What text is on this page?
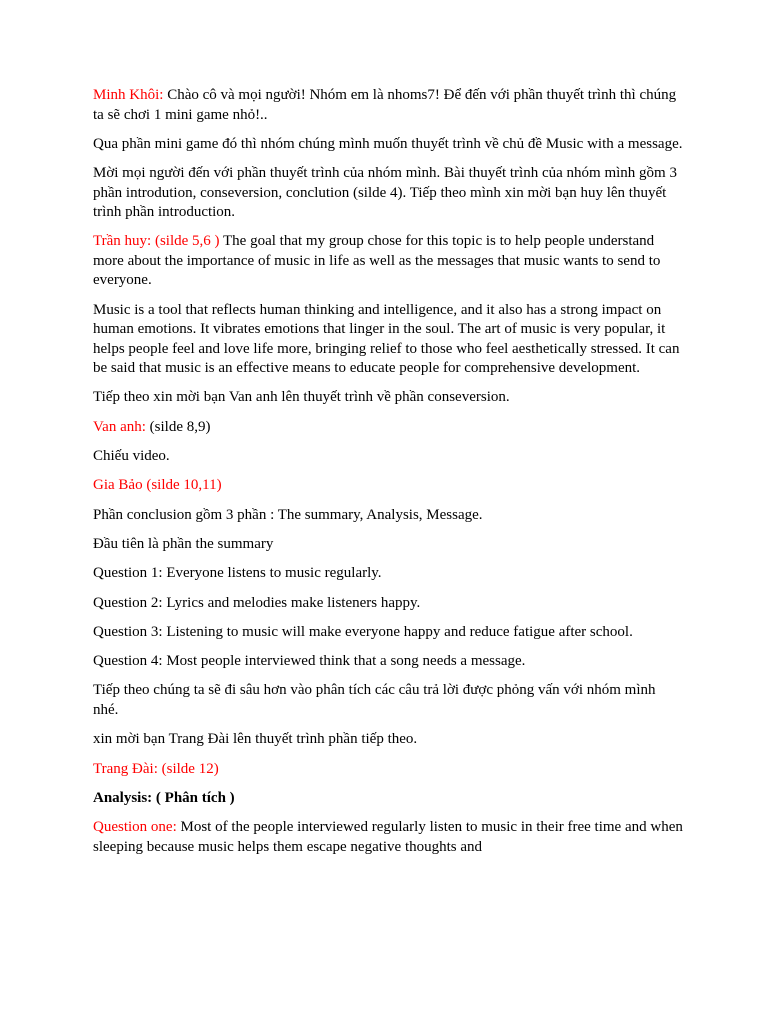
Minh Khôi: Chào cô và mọi người! Nhóm em là nhoms7! Để đến với phần thuyết trình thì chúng ta sẽ chơi 1 mini game nhỏ!..

Qua phần mini game đó thì nhóm chúng mình muốn thuyết trình về chủ đề Music with a message.

Mời mọi người đến với phần thuyết trình của nhóm mình. Bài thuyết trình của nhóm mình gồm 3 phần introdution, conseversion, conclution (silde 4). Tiếp theo mình xin mời bạn huy lên thuyết trình phần introduction.

Trần huy: (silde 5,6 ) The goal that my group chose for this topic is to help people understand more about the importance of music in life as well as the messages that music wants to send to everyone.

Music is a tool that reflects human thinking and intelligence, and it also has a strong impact on human emotions. It vibrates emotions that linger in the soul. The art of music is very popular, it helps people feel and love life more, bringing relief to those who feel aesthetically stressed. It can be said that music is an effective means to educate people for comprehensive development.

Tiếp theo xin mời bạn Van anh lên thuyết trình về phần conseversion.

Van anh: (silde 8,9)

Chiếu video.

Gia Bảo (silde 10,11)

Phần conclusion gồm 3 phần : The summary, Analysis, Message.

Đầu tiên là phần the summary

Question 1: Everyone listens to music regularly.

Question 2: Lyrics and melodies make listeners happy.

Question 3: Listening to music will make everyone happy and reduce fatigue after school.

Question 4: Most people interviewed think that a song needs a message.

Tiếp theo chúng ta sẽ đi sâu hơn vào phân tích các câu trả lời được phỏng vấn với nhóm mình nhé.

xin mời bạn Trang Đài lên thuyết trình phần tiếp theo.

Trang Đài: (silde 12)

Analysis: ( Phân tích )

Question one: Most of the people interviewed regularly listen to music in their free time and when sleeping because music helps them escape negative thoughts and
